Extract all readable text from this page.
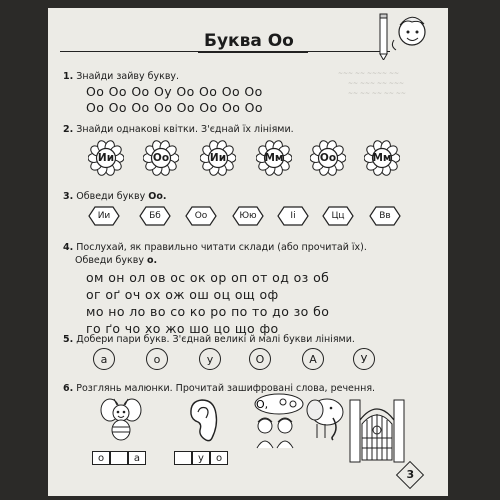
~~~ ~~ ~~~~ ~~
~~ ~~~ ~~ ~~~
~~ ~~ ~~ ~~ ~~
Буква Оо
1. Знайди зайву букву.
Оо Оо Оо Оу Оо Оо Оо Оо
Оо Оо Оо Оо Оо Оо Оо Оо
2. Знайди однакові квітки. З'єднай їх лініями.
Ии	Оо	Ии	Мм	Оо	Мм
3. Обведи букву Оо.
Ии	Бб	Оо	Юю	Іі	Цц	Вв
4. Послухай, як правильно читати склади (або прочитай їх).
Обведи букву о.
ом он ол ов ос ок ор оп от од оз об
ог оґ оч ох ож ош оц ощ оф
мо но ло во со ко ро по то до зо бо
го ґо чо хо жо шо цо що фо
5. Добери пари букв. З'єднай великі й малі букви лініями.
а	о	у	О	А	У
6. Розглянь малюнки. Прочитай зашифровані слова, речення.
О,
о	а	у	о
3
